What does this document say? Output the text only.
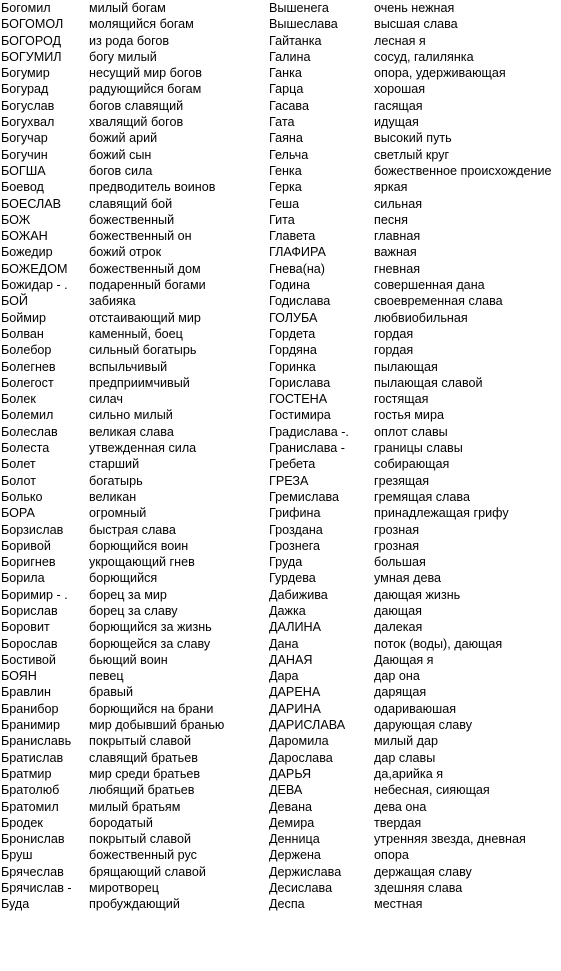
Богомил	милый богам
БОГОМОЛ молящийся богам
БОГОРОД из рода богов
БОГУМИЛ богу милый
Богумир	несущий мир богов
Богурад	радующийся богам
Богуслав	богов славящий
Богухвал	хвалящий богов
Богучар	божий арий
Богучин	божий сын
БОГША	богов сила
Боевод	предводитель воинов
БОЕСЛАВ славящий бой
БОЖ	божественный
БОЖАН	божественный он
Божедир	божий отрок
БОЖЕДОМ божественный дом
Божидар - . подаренный богами
БОЙ	забияка
Боймир	отстаивающий мир
Болван	каменный, боец
Болебор	сильный богатырь
Болегнев	вспыльчивый
Болегост	предприимчивый
Болек	силач
Болемил	сильно милый
Болеслав великая слава
Болеста	утвежденная сила
Болет	старший
Болот	богатырь
Болько	великан
БОРА	огромный
Борзислав быстрая слава
Боривой	борющийся воин
Боригнев	укрощающий гнев
Борила	борющийся
Боримир - . борец за мир
Борислав борец за славу
Боровит	борющийся за жизнь
Борослав борющейся за славу
Бостивой	бьющий воин
БОЯН	певец
Бравлин	бравый
Бранибор борющийся на брани
Бранимир мир добывший бранью
Браниславь покрытый славой
Братислав славящий братьев
Братмир	мир среди братьев
Братолюб любящий братьев
Братомил милый братьям
Бродек	бородатый
Брониcлав покрытый славой
Бруш	божественный рус
Брячеслав брящающий славой
Брячислав - миротворец
Буда	пробуждающий
Вышенега	очень нежная
Вышеслава	высшая слава
Гайтанка	лесная я
Галина	сосуд, галилянка
Ганка	опора, удерживающая
Гарца	хорошая
Гасава	гасящая
Гата	идущая
Гаяна	высокий путь
Гельча	светлый круг
Генка	божественное происхождение
Герка	яркая
Геша	сильная
Гита	песня
Главета	главная
ГЛАФИРА	важная
Гнева(на)	гневная
Година	совершенная дана
Годислава	своевременная слава
ГОЛУБА	любвиобильная
Гордета	гордая
Гордяна	гордая
Горинка	пылающая
Горислава	пылающая славой
ГОСТЕНА	гостящая
Гостимира	гостья мира
Градислава -. оплот славы
Гранислава - границы славы
Гребета	собирающая
ГРЕЗА	грезящая
Гремислава	гремящая слава
Грифина	принадлежащая грифу
Грозданa	грозная
Грознега	грозная
Груда	большая
Гурдева	умная дева
Дабижива	дающая жизнь
Дажка	дающая
ДАЛИНА	далекая
Дана	поток (воды), дающая
ДАНАЯ	Дающая я
Дара	дар она
ДАРЕНА	дарящая
ДАРИНА	одариваюшая
ДАРИСЛАВА дарующая славу
Даромила	милый дар
Дарослава	дар славы
ДАРЬЯ	да,арийка я
ДЕВА	небесная, сияющая
Девана	дева она
Демира	твердая
Денница	утренняя звезда, дневная
Держена	опора
Держислава	держащая славу
Десислава	здешняя слава
Деспа	местная
